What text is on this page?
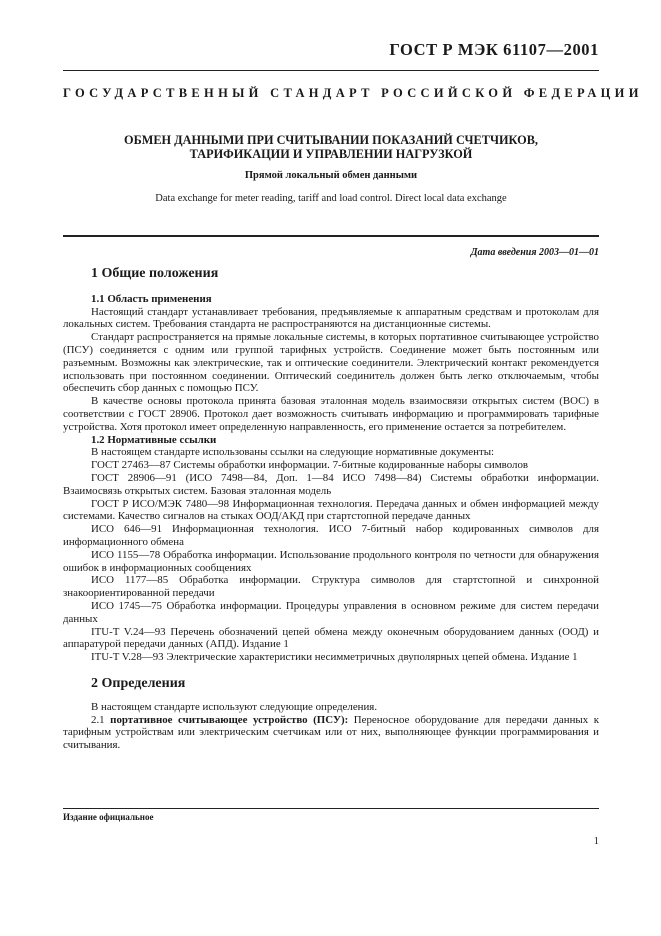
ГОСТ Р МЭК 61107—2001
ГОСУДАРСТВЕННЫЙ СТАНДАРТ РОССИЙСКОЙ ФЕДЕРАЦИИ
ОБМЕН ДАННЫМИ ПРИ СЧИТЫВАНИИ ПОКАЗАНИЙ СЧЕТЧИКОВ,
ТАРИФИКАЦИИ И УПРАВЛЕНИИ НАГРУЗКОЙ
Прямой локальный обмен данными
Data exchange for meter reading, tariff and load control. Direct local data exchange
Дата введения 2003—01—01
1 Общие положения
1.1 Область применения

Настоящий стандарт устанавливает требования, предъявляемые к аппаратным средствам и протоколам для локальных систем. Требования стандарта не распространяются на дистанционные системы.

Стандарт распространяется на прямые локальные системы, в которых портативное считывающее устройство (ПСУ) соединяется с одним или группой тарифных устройств. Соединение может быть постоянным или разъемным. Возможны как электрические, так и оптические соединители. Электрический контакт рекомендуется использовать при постоянном соединении. Оптический соединитель должен быть легко отключаемым, чтобы обеспечить сбор данных с помощью ПСУ.

В качестве основы протокола принята базовая эталонная модель взаимосвязи открытых систем (ВОС) в соответствии с ГОСТ 28906. Протокол дает возможность считывать информацию и программировать тарифные устройства. Хотя протокол имеет определенную направленность, его применение остается за потребителем.

1.2 Нормативные ссылки

В настоящем стандарте использованы ссылки на следующие нормативные документы:

ГОСТ 27463—87 Системы обработки информации. 7-битные кодированные наборы символов

ГОСТ 28906—91 (ИСО 7498—84, Доп. 1—84 ИСО 7498—84) Системы обработки информации. Взаимосвязь открытых систем. Базовая эталонная модель

ГОСТ Р ИСО/МЭК 7480—98 Информационная технология. Передача данных и обмен информацией между системами. Качество сигналов на стыках ООД/АКД при стартстопной передаче данных

ИСО 646—91 Информационная технология. ИСО 7-битный набор кодированных символов для информационного обмена

ИСО 1155—78 Обработка информации. Использование продольного контроля по четности для обнаружения ошибок в информационных сообщениях

ИСО 1177—85 Обработка информации. Структура символов для стартстопной и синхронной знакоориентированной передачи

ИСО 1745—75 Обработка информации. Процедуры управления в основном режиме для систем передачи данных

ITU-T V.24—93 Перечень обозначений цепей обмена между оконечным оборудованием данных (ООД) и аппаратурой передачи данных (АПД). Издание 1

ITU-T V.28—93 Электрические характеристики несимметричных двуполярных цепей обмена. Издание 1

2 Определения

В настоящем стандарте используют следующие определения.

2.1 портативное считывающее устройство (ПСУ): Переносное оборудование для передачи данных к тарифным устройствам или электрическим счетчикам или от них, выполняющее функции программирования и считывания.

Издание официальное
1
